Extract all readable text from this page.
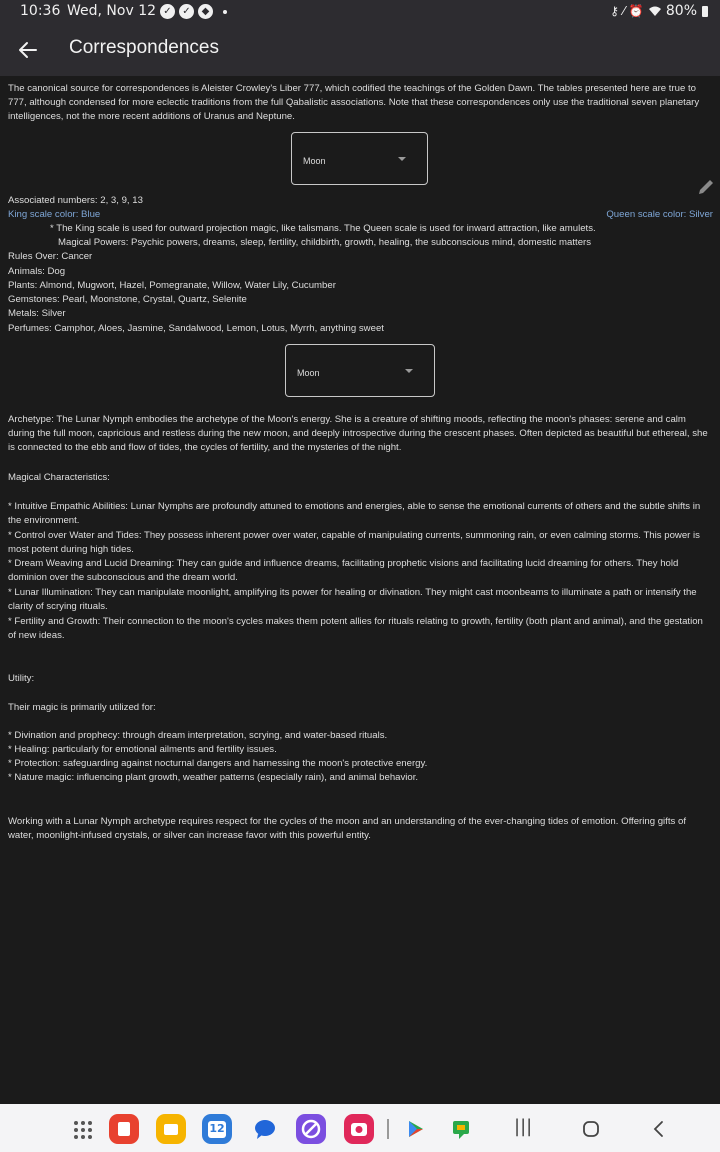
10:36 Wed, Nov 12 ✓	✓	◆	⚷ ⁄ ⏰ 80%
Correspondences
The canonical source for correspondences is Aleister Crowley's Liber 777, which codified the teachings of the Golden Dawn. The tables presented here are true to 777, although condensed for more eclectic traditions from the full Qabalistic associations. Note that these correspondences only use the traditional seven planetary intelligences, not the more recent additions of Uranus and Neptune.
Moon
Associated numbers: 2, 3, 9, 13
King scale color: Blue	Queen scale color: Silver
* The King scale is used for outward projection magic, like talismans. The Queen scale is used for inward attraction, like amulets.
Magical Powers: Psychic powers, dreams, sleep, fertility, childbirth, growth, healing, the subconscious mind, domestic matters
Rules Over: Cancer
Animals: Dog
Plants: Almond, Mugwort, Hazel, Pomegranate, Willow, Water Lily, Cucumber
Gemstones: Pearl, Moonstone, Crystal, Quartz, Selenite
Metals: Silver
Perfumes: Camphor, Aloes, Jasmine, Sandalwood, Lemon, Lotus, Myrrh, anything sweet
Moon
Archetype: The Lunar Nymph embodies the archetype of the Moon's energy. She is a creature of shifting moods, reflecting the moon's phases: serene and calm during the full moon, capricious and restless during the new moon, and deeply introspective during the crescent phases. Often depicted as beautiful but ethereal, she is connected to the ebb and flow of tides, the cycles of fertility, and the mysteries of the night.
Magical Characteristics:
* Intuitive Empathic Abilities: Lunar Nymphs are profoundly attuned to emotions and energies, able to sense the emotional currents of others and the subtle shifts in the environment.
* Control over Water and Tides: They possess inherent power over water, capable of manipulating currents, summoning rain, or even calming storms. This power is most potent during high tides.
* Dream Weaving and Lucid Dreaming: They can guide and influence dreams, facilitating prophetic visions and facilitating lucid dreaming for others. They hold dominion over the subconscious and the dream world.
* Lunar Illumination: They can manipulate moonlight, amplifying its power for healing or divination. They might cast moonbeams to illuminate a path or intensify the clarity of scrying rituals.
* Fertility and Growth: Their connection to the moon's cycles makes them potent allies for rituals relating to growth, fertility (both plant and animal), and the gestation of new ideas.
Utility:
Their magic is primarily utilized for:
* Divination and prophecy: through dream interpretation, scrying, and water-based rituals.
* Healing: particularly for emotional ailments and fertility issues.
* Protection: safeguarding against nocturnal dangers and harnessing the moon's protective energy.
* Nature magic: influencing plant growth, weather patterns (especially rain), and animal behavior.
Working with a Lunar Nymph archetype requires respect for the cycles of the moon and an understanding of the ever-changing tides of emotion. Offering gifts of water, moonlight-infused crystals, or silver can increase favor with this powerful entity.
12	|||
